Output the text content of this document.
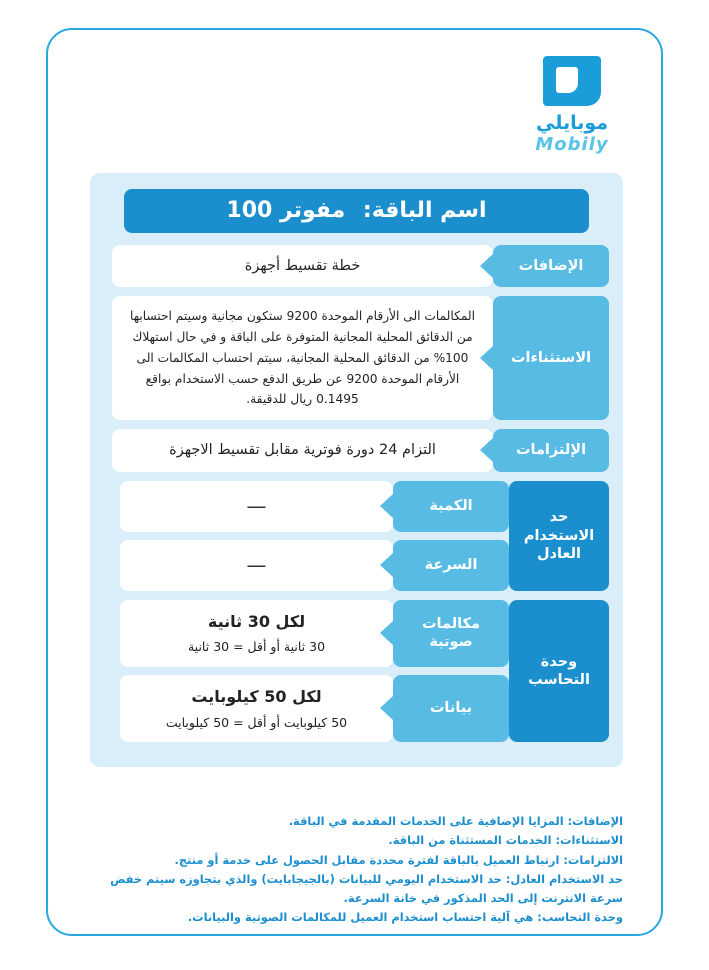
موبايلي
Mobily
اسم الباقة: مفوتر 100
الإضافات
خطة تقسيط أجهزة
الاستثناءات
المكالمات الى الأرقام الموحدة 9200 ستكون مجانية وسيتم احتسابها من الدقائق المحلية المجانية المتوفرة على الباقة و في حال استهلاك 100% من الدقائق المحلية المجانية، سيتم احتساب المكالمات الى الأرقام الموحدة 9200 عن طريق الدفع حسب الاستخدام بواقع 0.1495 ريال للدقيقة.
الإلتزامات
التزام 24 دورة فوترية مقابل تقسيط الاجهزة
حد الاستخدام العادل
الكمية
—
السرعة
—
وحدة التحاسب
مكالمات صوتية
لكل 30 ثانية
30 ثانية أو أقل = 30 ثانية
بيانات
لكل 50 كيلوبايت
50 كيلوبايت أو أقل = 50 كيلوبايت

الإضافات: المزايا الإضافية على الخدمات المقدمة في الباقة.

الاستثناءات: الخدمات المستثناة من الباقة.

الالتزامات: ارتباط العميل بالباقة لفترة محددة مقابل الحصول على خدمة أو منتج.

حد الاستخدام العادل: حد الاستخدام اليومي للبيانات (بالجيجابايت) والذي بتجاوزه سيتم خفض سرعة الانترنت إلى الحد المذكور في خانة السرعة.

وحدة التحاسب: هي آلية احتساب استخدام العميل للمكالمات الصوتية والبيانات.
